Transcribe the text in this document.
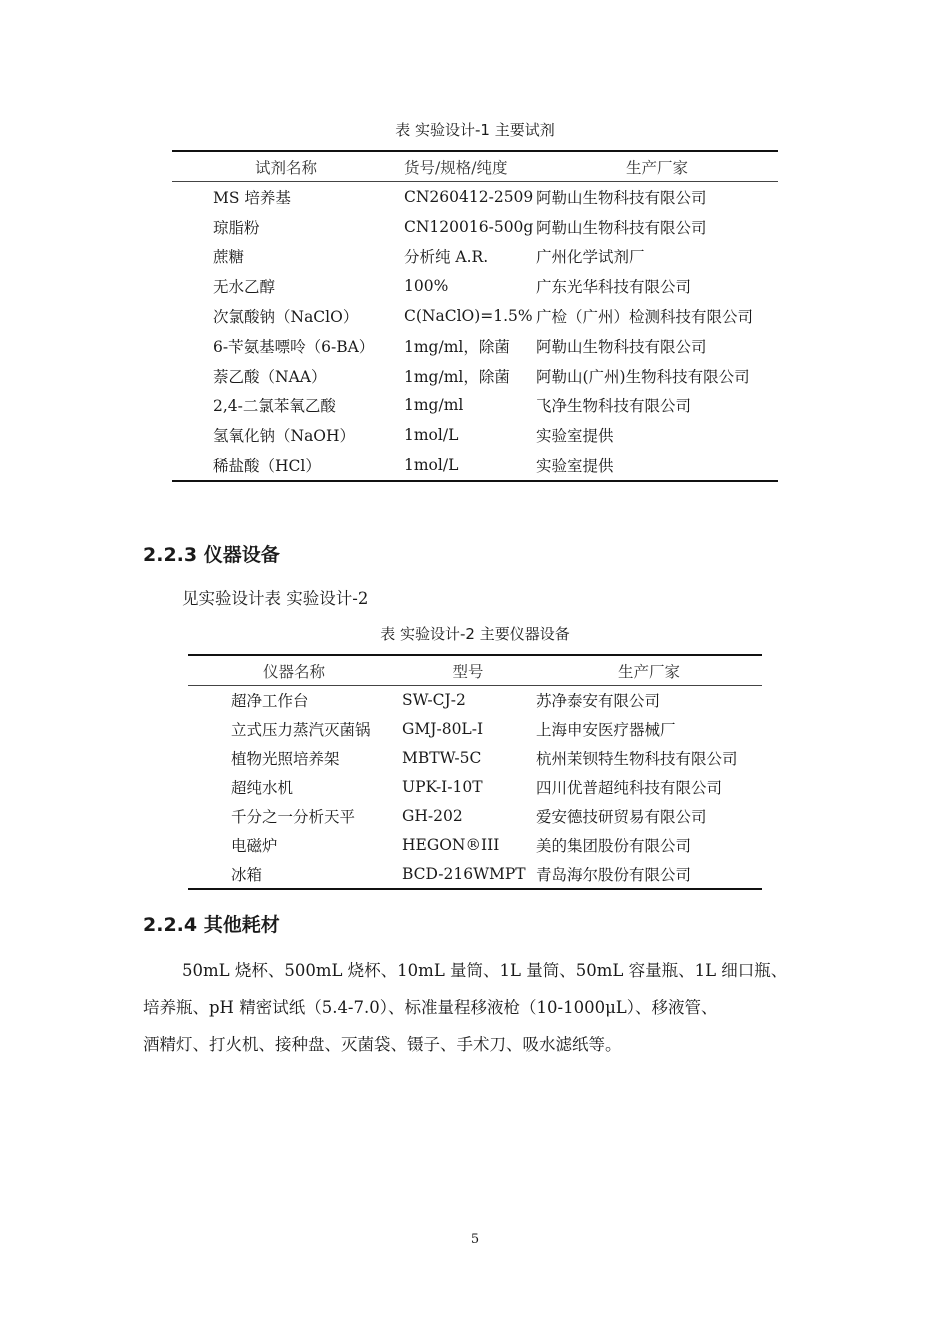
表 实验设计-1 主要试剂
试剂名称	货号/规格/纯度	生产厂家
MS 培养基	CN260412-2509	阿勒山生物科技有限公司
琼脂粉	CN120016-500g	阿勒山生物科技有限公司
蔗糖	分析纯 A.R.	广州化学试剂厂
无水乙醇	100%	广东光华科技有限公司
次氯酸钠（NaClO）	C(NaClO)=1.5%	广检（广州）检测科技有限公司
6-苄氨基嘌呤（6-BA）	1mg/ml，除菌	阿勒山生物科技有限公司
萘乙酸（NAA）	1mg/ml，除菌	阿勒山(广州)生物科技有限公司
2,4-二氯苯氧乙酸	1mg/ml	飞净生物科技有限公司
氢氧化钠（NaOH）	1mol/L	实验室提供
稀盐酸（HCl）	1mol/L	实验室提供
2.2.3 仪器设备
见实验设计表 实验设计-2
表 实验设计-2 主要仪器设备
仪器名称	型号	生产厂家
超净工作台	SW-CJ-2	苏净泰安有限公司
立式压力蒸汽灭菌锅	GMJ-80L-I	上海申安医疗器械厂
植物光照培养架	MBTW-5C	杭州茉钡特生物科技有限公司
超纯水机	UPK-I-10T	四川优普超纯科技有限公司
千分之一分析天平	GH-202	爱安德技研贸易有限公司
电磁炉	HEGON®III	美的集团股份有限公司
冰箱	BCD-216WMPT	青岛海尔股份有限公司
2.2.4 其他耗材
50mL 烧杯、500mL 烧杯、10mL 量筒、1L 量筒、50mL 容量瓶、1L 细口瓶、
培养瓶、pH 精密试纸（5.4-7.0）、标准量程移液枪（10-1000μL）、移液管、
酒精灯、打火机、接种盘、灭菌袋、镊子、手术刀、吸水滤纸等。
5
